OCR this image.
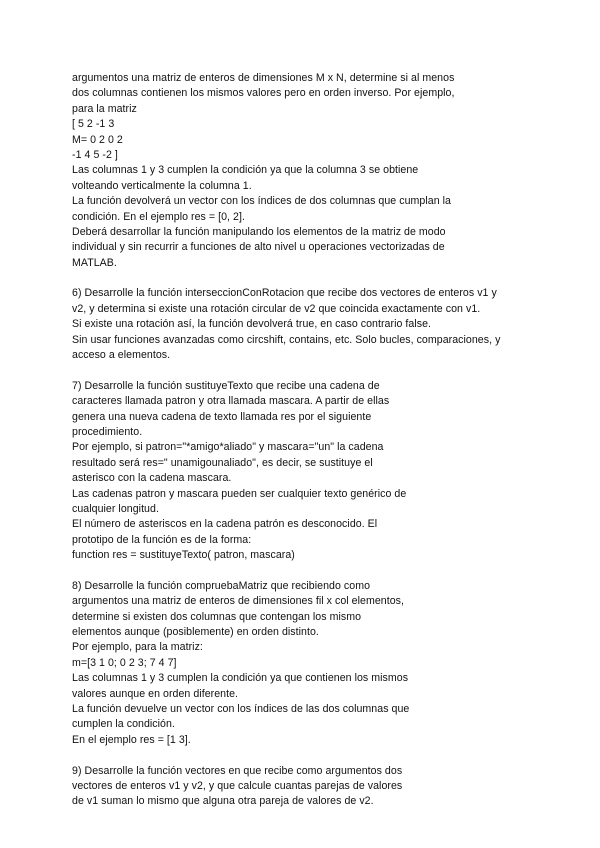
argumentos una matriz de enteros de dimensiones M x N, determine si al menos
dos columnas contienen los mismos valores pero en orden inverso. Por ejemplo,
para la matriz
[ 5 2 -1 3
M= 0 2 0 2
-1 4 5 -2 ]
Las columnas 1 y 3 cumplen la condición ya que la columna 3 se obtiene
volteando verticalmente la columna 1.
La función devolverá un vector con los índices de dos columnas que cumplan la
condición. En el ejemplo res = [0, 2].
Deberá desarrollar la función manipulando los elementos de la matriz de modo
individual y sin recurrir a funciones de alto nivel u operaciones vectorizadas de
MATLAB.
6) Desarrolle la función interseccionConRotacion que recibe dos vectores de enteros v1 y
v2, y determina si existe una rotación circular de v2 que coincida exactamente con v1.
Si existe una rotación así, la función devolverá true, en caso contrario false.
Sin usar funciones avanzadas como circshift, contains, etc. Solo bucles, comparaciones, y
acceso a elementos.
7) Desarrolle la función sustituyeTexto que recibe una cadena de
caracteres llamada patron y otra llamada mascara. A partir de ellas
genera una nueva cadena de texto llamada res por el siguiente
procedimiento.
Por ejemplo, si patron="*amigo*aliado" y mascara="un" la cadena
resultado será res=" unamigounaliado", es decir, se sustituye el
asterisco con la cadena mascara.
Las cadenas patron y mascara pueden ser cualquier texto genérico de
cualquier longitud.
El número de asteriscos en la cadena patrón es desconocido. El
prototipo de la función es de la forma:
function res = sustituyeTexto( patron, mascara)
8) Desarrolle la función compruebaMatriz que recibiendo como
argumentos una matriz de enteros de dimensiones fil x col elementos,
determine si existen dos columnas que contengan los mismo
elementos aunque (posiblemente) en orden distinto.
Por ejemplo, para la matriz:
m=[3 1 0; 0 2 3; 7 4 7]
Las columnas 1 y 3 cumplen la condición ya que contienen los mismos
valores aunque en orden diferente.
La función devuelve un vector con los índices de las dos columnas que
cumplen la condición.
En el ejemplo res = [1 3].
9) Desarrolle la función vectores en que recibe como argumentos dos
vectores de enteros v1 y v2, y que calcule cuantas parejas de valores
de v1 suman lo mismo que alguna otra pareja de valores de v2.
